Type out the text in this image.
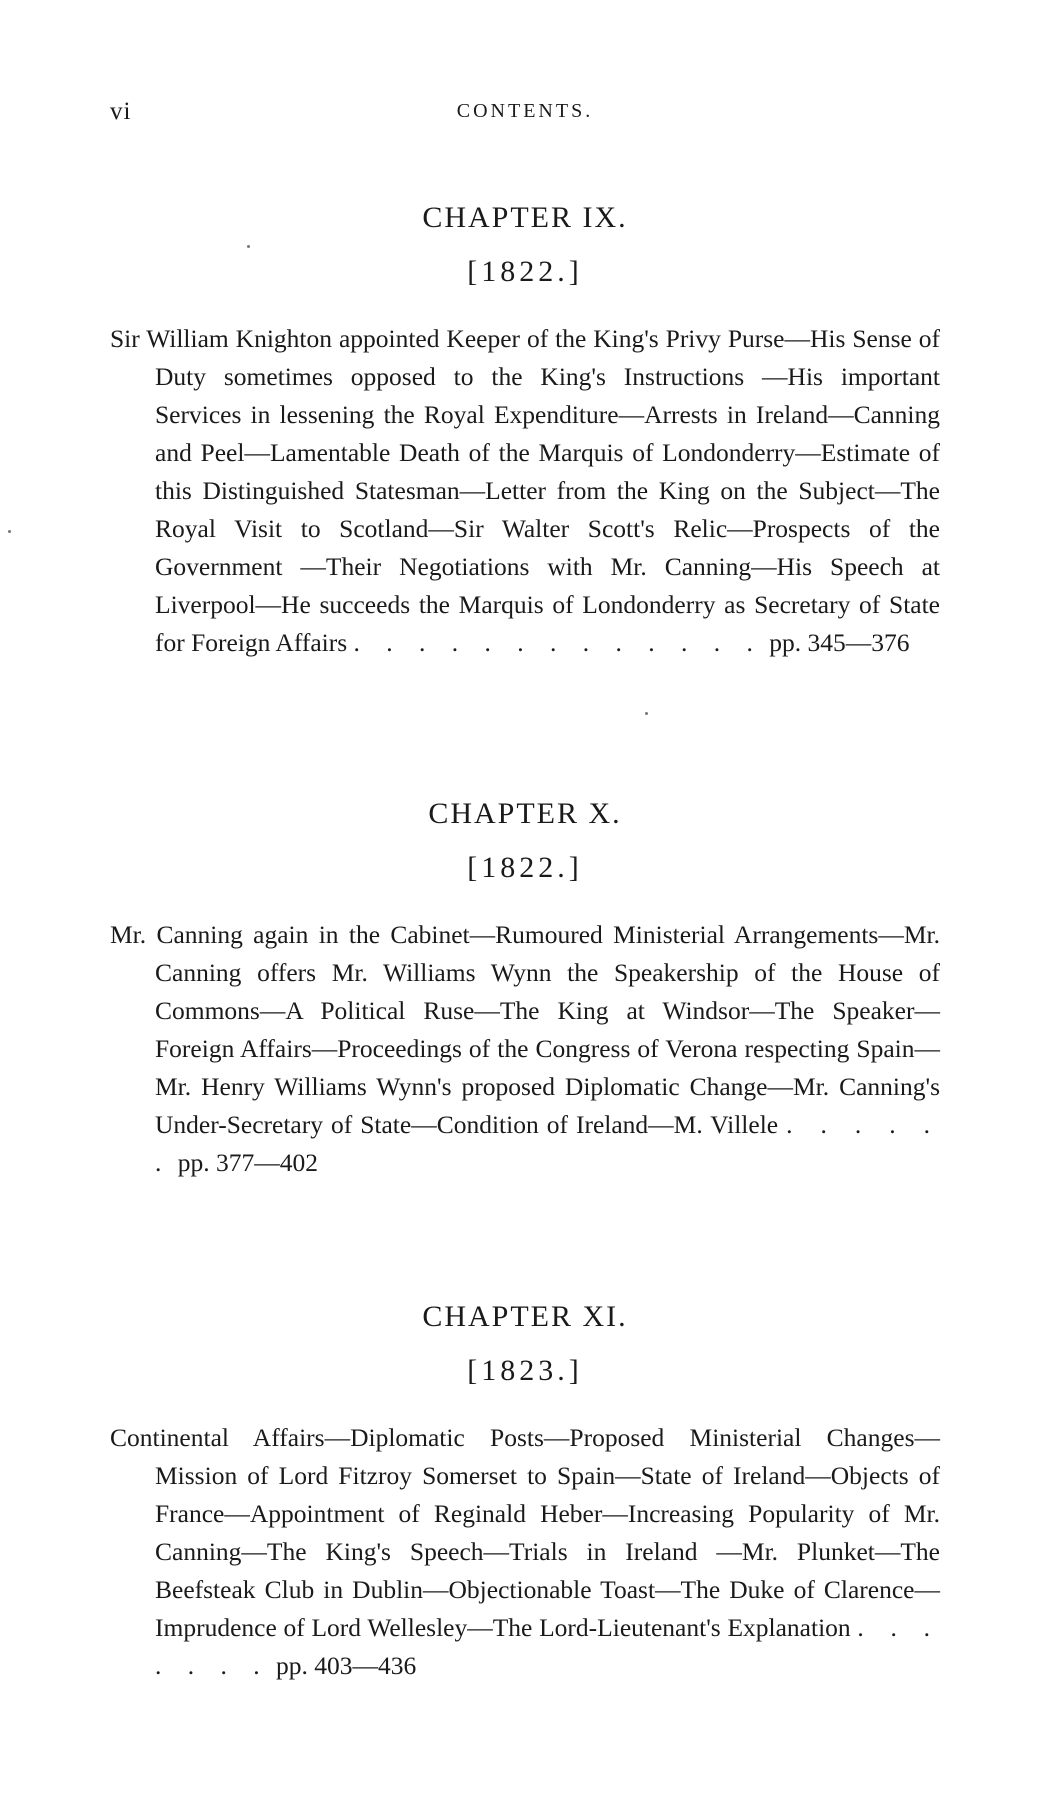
vi	CONTENTS.
CHAPTER IX.
[1822.]
Sir William Knighton appointed Keeper of the King's Privy Purse—His Sense of Duty sometimes opposed to the King's Instructions —His important Services in lessening the Royal Expenditure—Arrests in Ireland—Canning and Peel—Lamentable Death of the Marquis of Londonderry—Estimate of this Distinguished Statesman—Letter from the King on the Subject—The Royal Visit to Scotland—Sir Walter Scott's Relic—Prospects of the Government —Their Negotiations with Mr. Canning—His Speech at Liverpool—He succeeds the Marquis of Londonderry as Secretary of State for Foreign Affairs . . . . . . . . . . . . . pp. 345—376
CHAPTER X.
[1822.]
Mr. Canning again in the Cabinet—Rumoured Ministerial Arrangements—Mr. Canning offers Mr. Williams Wynn the Speakership of the House of Commons—A Political Ruse—The King at Windsor—The Speaker—Foreign Affairs—Proceedings of the Congress of Verona respecting Spain—Mr. Henry Williams Wynn's proposed Diplomatic Change—Mr. Canning's Under-Secretary of State—Condition of Ireland—M. Villele . . . . . . pp. 377—402
CHAPTER XI.
[1823.]
Continental Affairs—Diplomatic Posts—Proposed Ministerial Changes—Mission of Lord Fitzroy Somerset to Spain—State of Ireland—Objects of France—Appointment of Reginald Heber—Increasing Popularity of Mr. Canning—The King's Speech—Trials in Ireland —Mr. Plunket—The Beefsteak Club in Dublin—Objectionable Toast—The Duke of Clarence—Imprudence of Lord Wellesley—The Lord-Lieutenant's Explanation . . . . . . . pp. 403—436
